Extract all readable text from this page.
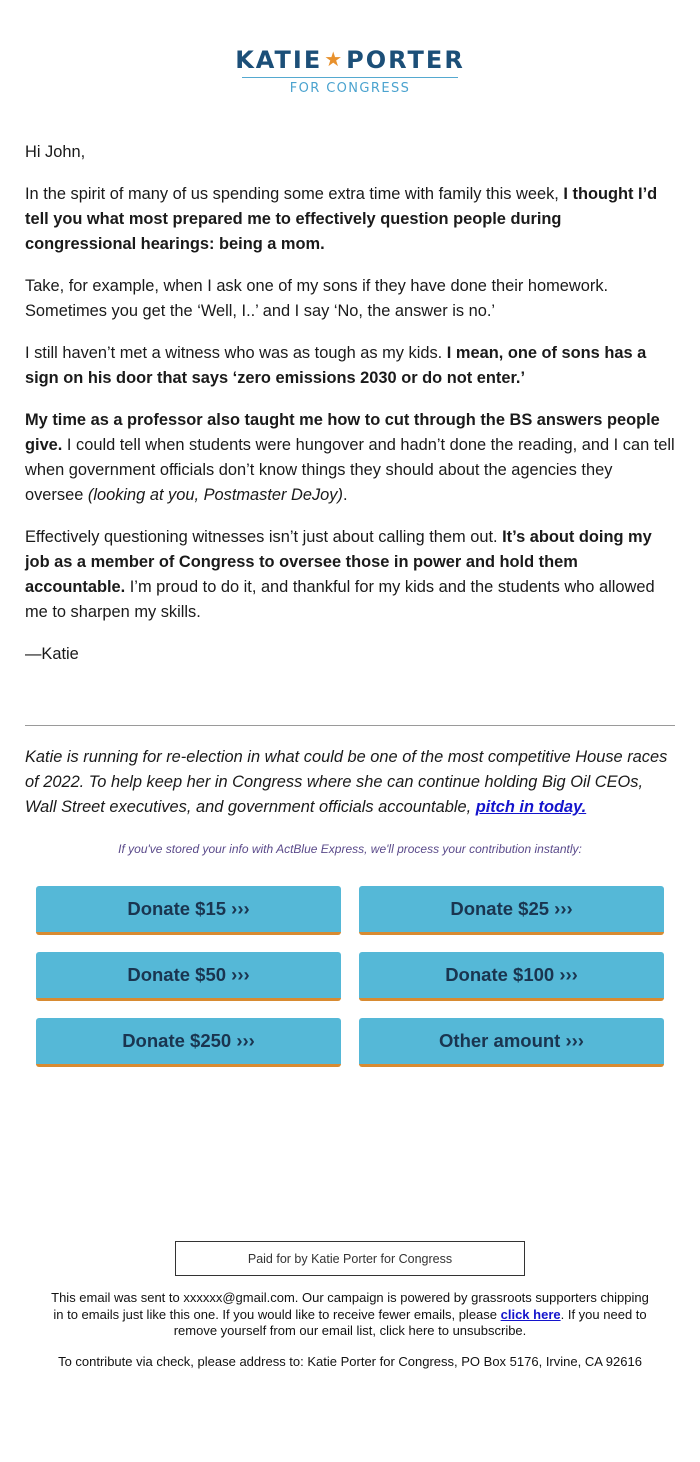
KATIE ★PORTER
FOR CONGRESS

Hi John,

In the spirit of many of us spending some extra time with family this week, I thought I’d tell you what most prepared me to effectively question people during congressional hearings: being a mom.

Take, for example, when I ask one of my sons if they have done their homework. Sometimes you get the ‘Well, I..’ and I say ‘No, the answer is no.’

I still haven’t met a witness who was as tough as my kids. I mean, one of sons has a sign on his door that says ‘zero emissions 2030 or do not enter.’

My time as a professor also taught me how to cut through the BS answers people give. I could tell when students were hungover and hadn’t done the reading, and I can tell when government officials don’t know things they should about the agencies they oversee (looking at you, Postmaster DeJoy).

Effectively questioning witnesses isn’t just about calling them out. It’s about doing my job as a member of Congress to oversee those in power and hold them accountable. I’m proud to do it, and thankful for my kids and the students who allowed me to sharpen my skills.

—Katie

Katie is running for re-election in what could be one of the most competitive House races of 2022. To help keep her in Congress where she can continue holding Big Oil CEOs, Wall Street executives, and government officials accountable, pitch in today.
If you've stored your info with ActBlue Express, we'll process your contribution instantly:
Donate $15 ›››	Donate $25 ›››
Donate $50 ›››	Donate $100 ›››
Donate $250 ›››	Other amount ›››
Paid for by Katie Porter for Congress

This email was sent to xxxxxx@gmail.com. Our campaign is powered by grassroots supporters chipping in to emails just like this one. If you would like to receive fewer emails, please click here. If you need to remove yourself from our email list, click here to unsubscribe.

To contribute via check, please address to: Katie Porter for Congress, PO Box 5176, Irvine, CA 92616
